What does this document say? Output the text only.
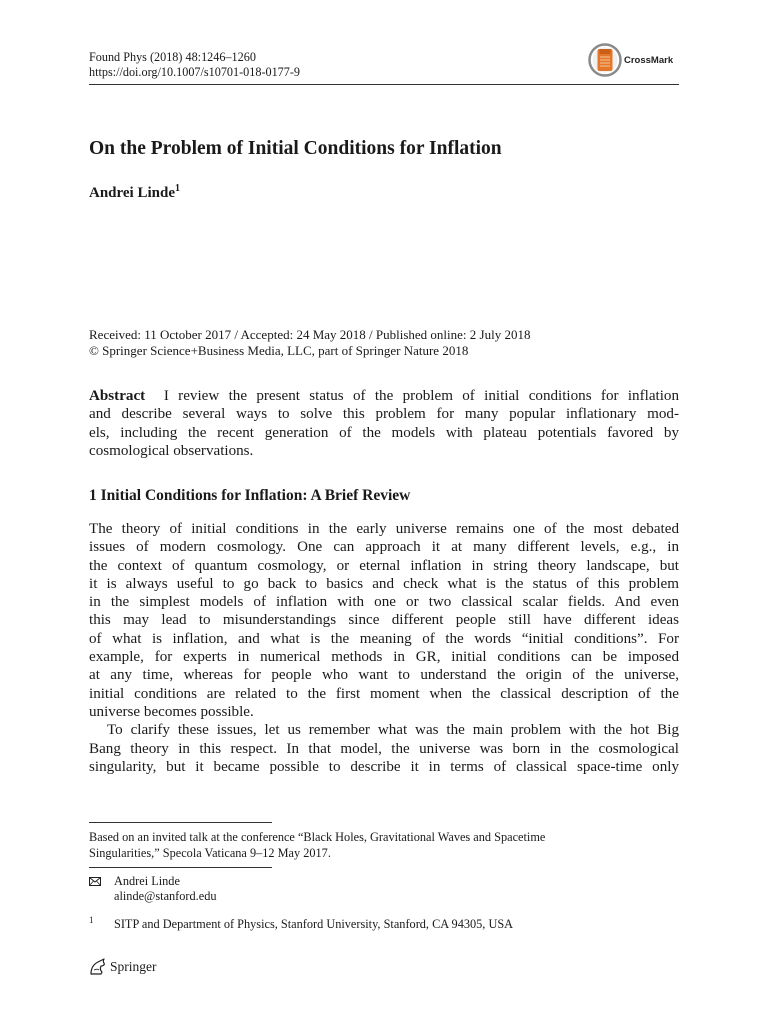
Found Phys (2018) 48:1246–1260
https://doi.org/10.1007/s10701-018-0177-9
CrossMark
On the Problem of Initial Conditions for Inflation
Andrei Linde$^1$
Received: 11 October 2017 / Accepted: 24 May 2018 / Published online: 2 July 2018
© Springer Science+Business Media, LLC, part of Springer Nature 2018
Abstract I review the present status of the problem of initial conditions for inflation
and describe several ways to solve this problem for many popular inflationary mod-
els, including the recent generation of the models with plateau potentials favored by
cosmological observations.
1 Initial Conditions for Inflation: A Brief Review
The theory of initial conditions in the early universe remains one of the most debated
issues of modern cosmology. One can approach it at many different levels, e.g., in
the context of quantum cosmology, or eternal inflation in string theory landscape, but
it is always useful to go back to basics and check what is the status of this problem
in the simplest models of inflation with one or two classical scalar fields. And even
this may lead to misunderstandings since different people still have different ideas
of what is inflation, and what is the meaning of the words “initial conditions”. For
example, for experts in numerical methods in GR, initial conditions can be imposed
at any time, whereas for people who want to understand the origin of the universe,
initial conditions are related to the first moment when the classical description of the
universe becomes possible.
To clarify these issues, let us remember what was the main problem with the hot Big
Bang theory in this respect. In that model, the universe was born in the cosmological
singularity, but it became possible to describe it in terms of classical space-time only
Based on an invited talk at the conference “Black Holes, Gravitational Waves and Spacetime
Singularities,” Specola Vaticana 9–12 May 2017.
Andrei Linde
alinde@stanford.edu
1 SITP and Department of Physics, Stanford University, Stanford, CA 94305, USA
Springer
